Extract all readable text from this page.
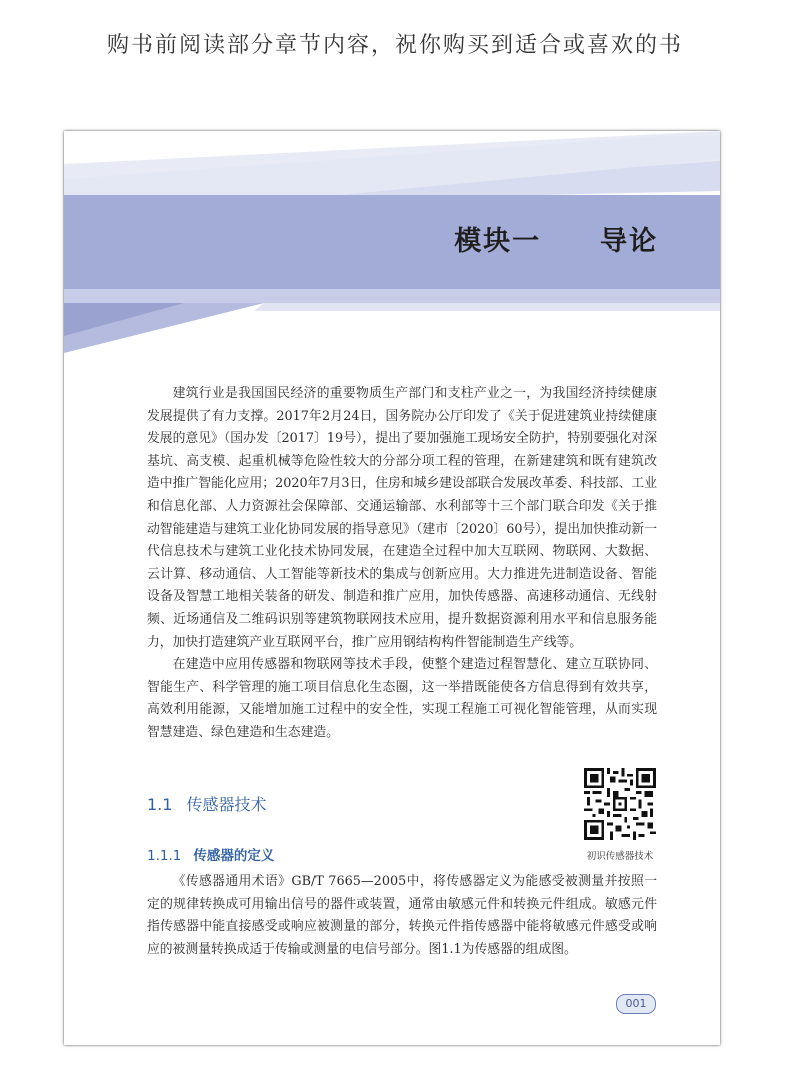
购书前阅读部分章节内容，祝你购买到适合或喜欢的书
模块一  导论

建筑行业是我国国民经济的重要物质生产部门和支柱产业之一，为我国经济持续健康发展提供了有力支撑。2017年2月24日，国务院办公厅印发了《关于促进建筑业持续健康发展的意见》（国办发〔2017〕19号），提出了要加强施工现场安全防护，特别要强化对深基坑、高支模、起重机械等危险性较大的分部分项工程的管理，在新建建筑和既有建筑改造中推广智能化应用；2020年7月3日，住房和城乡建设部联合发展改革委、科技部、工业和信息化部、人力资源社会保障部、交通运输部、水利部等十三个部门联合印发《关于推动智能建造与建筑工业化协同发展的指导意见》（建市〔2020〕60号），提出加快推动新一代信息技术与建筑工业化技术协同发展，在建造全过程中加大互联网、物联网、大数据、云计算、移动通信、人工智能等新技术的集成与创新应用。大力推进先进制造设备、智能设备及智慧工地相关装备的研发、制造和推广应用，加快传感器、高速移动通信、无线射频、近场通信及二维码识别等建筑物联网技术应用，提升数据资源利用水平和信息服务能力，加快打造建筑产业互联网平台，推广应用钢结构构件智能制造生产线等。

在建造中应用传感器和物联网等技术手段，使整个建造过程智慧化、建立互联协同、智能生产、科学管理的施工项目信息化生态圈，这一举措既能使各方信息得到有效共享，高效利用能源，又能增加施工过程中的安全性，实现工程施工可视化智能管理，从而实现智慧建造、绿色建造和生态建造。

1.1 传感器技术
1.1.1 传感器的定义	初识传感器技术

《传感器通用术语》GB/T 7665—2005中，将传感器定义为能感受被测量并按照一定的规律转换成可用输出信号的器件或装置，通常由敏感元件和转换元件组成。敏感元件指传感器中能直接感受或响应被测量的部分，转换元件指传感器中能将敏感元件感受或响应的被测量转换成适于传输或测量的电信号部分。图1.1为传感器的组成图。

001
